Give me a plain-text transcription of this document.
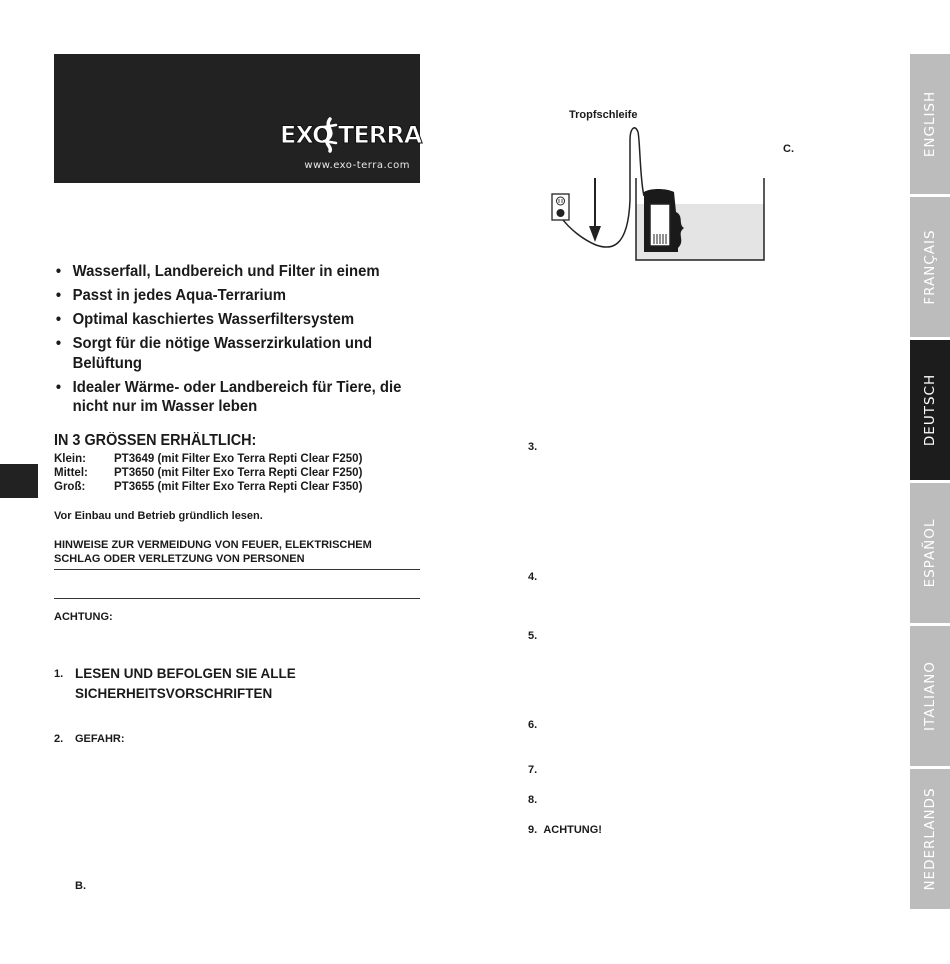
EXO TERRA
www.exo-terra.com
• Wasserfall, Landbereich und Filter in einem
• Passt in jedes Aqua-Terrarium
• Optimal kaschiertes Wasserfiltersystem
• Sorgt für die nötige Wasserzirkulation und Belüftung
• Idealer Wärme- oder Landbereich für Tiere, die nicht nur im Wasser leben
IN 3 GRÖSSEN ERHÄLTLICH:
Klein:	PT3649 (mit Filter Exo Terra Repti Clear F250)
Mittel:	PT3650 (mit Filter Exo Terra Repti Clear F250)
Groß:	PT3655 (mit Filter Exo Terra Repti Clear F350)
Vor Einbau und Betrieb gründlich lesen.
HINWEISE ZUR VERMEIDUNG VON FEUER, ELEKTRISCHEM SCHLAG ODER VERLETZUNG VON PERSONEN
ACHTUNG:
1. LESEN UND BEFOLGEN SIE ALLE SICHERHEITSVORSCHRIFTEN
2. GEFAHR:
B.
Tropfschleife
C.
3.
4.
5.
6.
7.
8.
9. ACHTUNG!
ENGLISH
FRANÇAIS
DEUTSCH
ESPAÑOL
ITALIANO
NEDERLANDS
